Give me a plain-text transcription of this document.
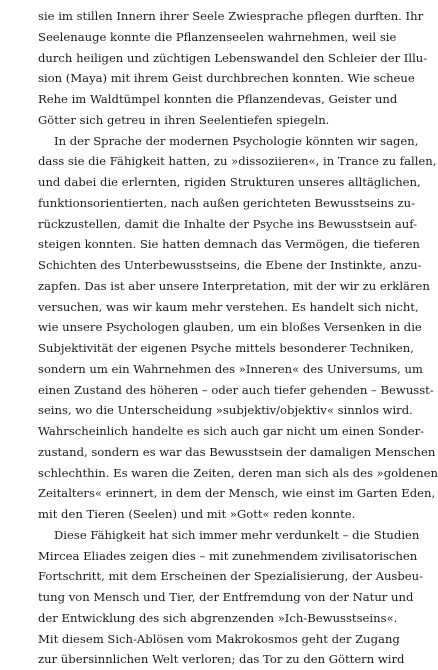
sie im stillen Innern ihrer Seele Zwiesprache pflegen durften. Ihr
Seelenauge konnte die Pflanzenseelen wahrnehmen, weil sie
durch heiligen und züchtigen Lebenswandel den Schleier der Illu-
sion (Maya) mit ihrem Geist durchbrechen konnten. Wie scheue
Rehe im Waldtümpel konnten die Pflanzendevas, Geister und
Götter sich getreu in ihren Seelentiefen spiegeln.
In der Sprache der modernen Psychologie könnten wir sagen,
dass sie die Fähigkeit hatten, zu »dissoziieren«, in Trance zu fallen,
und dabei die erlernten, rigiden Strukturen unseres alltäglichen,
funktionsorientierten, nach außen gerichteten Bewusstseins zu-
rückzustellen, damit die Inhalte der Psyche ins Bewusstsein auf-
steigen konnten. Sie hatten demnach das Vermögen, die tieferen
Schichten des Unterbewusstseins, die Ebene der Instinkte, anzu-
zapfen. Das ist aber unsere Interpretation, mit der wir zu erklären
versuchen, was wir kaum mehr verstehen. Es handelt sich nicht,
wie unsere Psychologen glauben, um ein bloßes Versenken in die
Subjektivität der eigenen Psyche mittels besonderer Techniken,
sondern um ein Wahrnehmen des »Inneren« des Universums, um
einen Zustand des höheren – oder auch tiefer gehenden – Bewusst-
seins, wo die Unterscheidung »subjektiv/objektiv« sinnlos wird.
Wahrscheinlich handelte es sich auch gar nicht um einen Sonder-
zustand, sondern es war das Bewusstsein der damaligen Menschen
schlechthin. Es waren die Zeiten, deren man sich als des »goldenen
Zeitalters« erinnert, in dem der Mensch, wie einst im Garten Eden,
mit den Tieren (Seelen) und mit »Gott« reden konnte.
Diese Fähigkeit hat sich immer mehr verdunkelt – die Studien
Mircea Eliades zeigen dies – mit zunehmendem zivilisatorischen
Fortschritt, mit dem Erscheinen der Spezialisierung, der Ausbeu-
tung von Mensch und Tier, der Entfremdung von der Natur und
der Entwicklung des sich abgrenzenden »Ich-Bewusstseins«.
Mit diesem Sich-Ablösen vom Makrokosmos geht der Zugang
zur übersinnlichen Welt verloren; das Tor zu den Göttern wird
